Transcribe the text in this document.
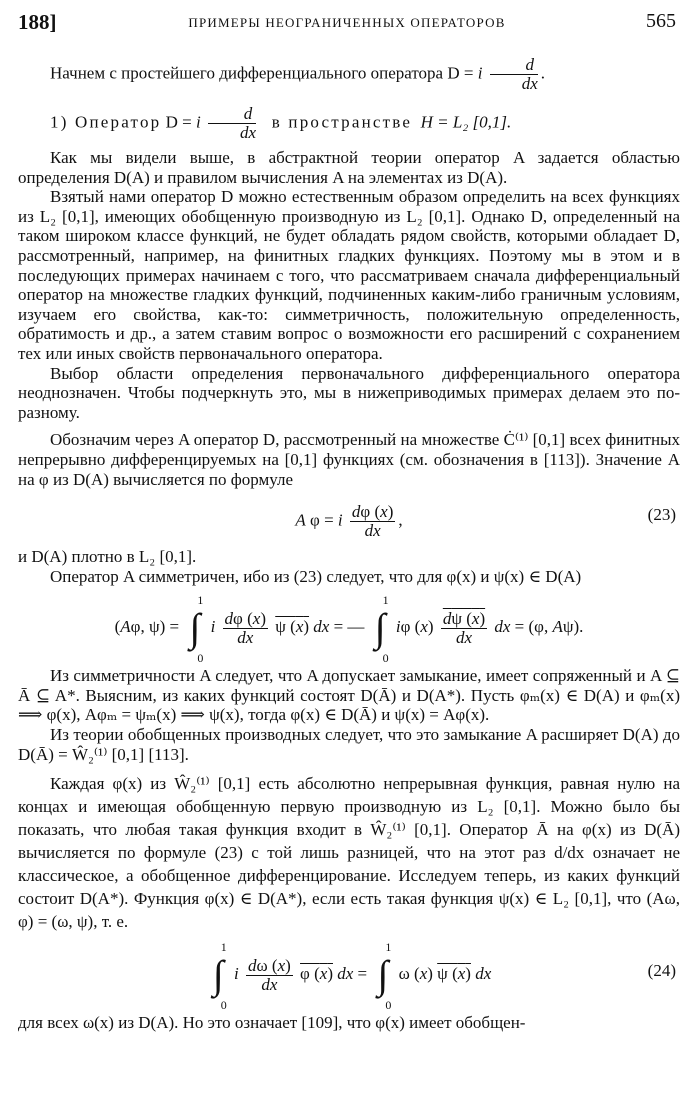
188]	ПРИМЕРЫ НЕОГРАНИЧЕННЫХ ОПЕРАТОРОВ	565

Начнем с простейшего дифференциального оператора D = i $\frac{d}{dx}$ .

1) Оператор D = i $\frac{d}{dx}$ в пространстве H = L₂ [0,1].

Как мы видели выше, в абстрактной теории оператор A задается областью определения D(A) и правилом вычисления A на элементах из D(A).

Взятый нами оператор D можно естественным образом определить на всех функциях из L₂ [0,1], имеющих обобщенную производную из L₂ [0,1]. Однако D, определенный на таком широком классе функций, не будет обладать рядом свойств, которыми обладает D, рассмотренный, например, на финитных гладких функциях. Поэтому мы в этом и в последующих примерах начинаем с того, что рассматриваем сначала дифференциальный оператор на множестве гладких функций, подчиненных каким-либо граничным условиям, изучаем его свойства, как-то: симметричность, положительную определенность, обратимость и др., а затем ставим вопрос о возможности его расширений с сохранением тех или иных свойств первоначального оператора.

Выбор области определения первоначального дифференциального оператора неоднозначен. Чтобы подчеркнуть это, мы в нижеприводимых примерах делаем это по-разному.

Обозначим через A оператор D, рассмотренный на множестве Ċ⁽¹⁾ [0,1] всех финитных непрерывно дифференцируемых на [0,1] функциях (см. обозначения в [113]). Значение A на φ из D(A) вычисляется по формуле

A φ = i $\frac{d\varphi (x)}{dx}$ ,	(23)

и D(A) плотно в L₂ [0,1].

Оператор A симметричен, ибо из (23) следует, что для φ(x) и ψ(x) ∈ D(A)

(Aφ, ψ) = ∫
1
0
i $\frac{d\varphi (x)}{dx}$ ψ (x) dx = — ∫
1
0
iφ $(x) \frac{d\psi (x)}{dx}$ dx = (φ, Aψ).

Из симметричности A следует, что A допускает замыкание, имеет сопряженный и A ⊆ Ā ⊆ A*. Выясним, из каких функций состоят D(Ā) и D(A*). Пусть φₘ(x) ∈ D(A) и φₘ(x) ⟹ φ(x), Aφₘ = ψₘ(x) ⟹ ψ(x), тогда φ(x) ∈ D(Ā) и ψ(x) = Aφ(x).

Из теории обобщенных производных следует, что это замыкание A расширяет D(A) до D(Ā) = Ŵ₂⁽¹⁾ [0,1] [113].

Каждая φ(x) из Ŵ₂⁽¹⁾ [0,1] есть абсолютно непрерывная функция, равная нулю на концах и имеющая обобщенную первую производную из L₂ [0,1]. Можно было бы показать, что любая такая функция входит в Ŵ₂⁽¹⁾ [0,1]. Оператор Ā на φ(x) из D(Ā) вычисляется по формуле (23) с той лишь разницей, что на этот раз d/dx означает не классическое, а обобщенное дифференцирование. Исследуем теперь, из каких функций состоит D(A*). Функция φ(x) ∈ D(A*), если есть такая функция ψ(x) ∈ L₂ [0,1], что (Aω, φ) = (ω, ψ), т. е.

∫
1
0
i $\frac{d\omega (x)}{dx}$ φ (x) dx = ∫
1
0
ω (x) ψ (x) dx	(24)

для всех ω(x) из D(A). Но это означает [109], что φ(x) имеет обобщен-
